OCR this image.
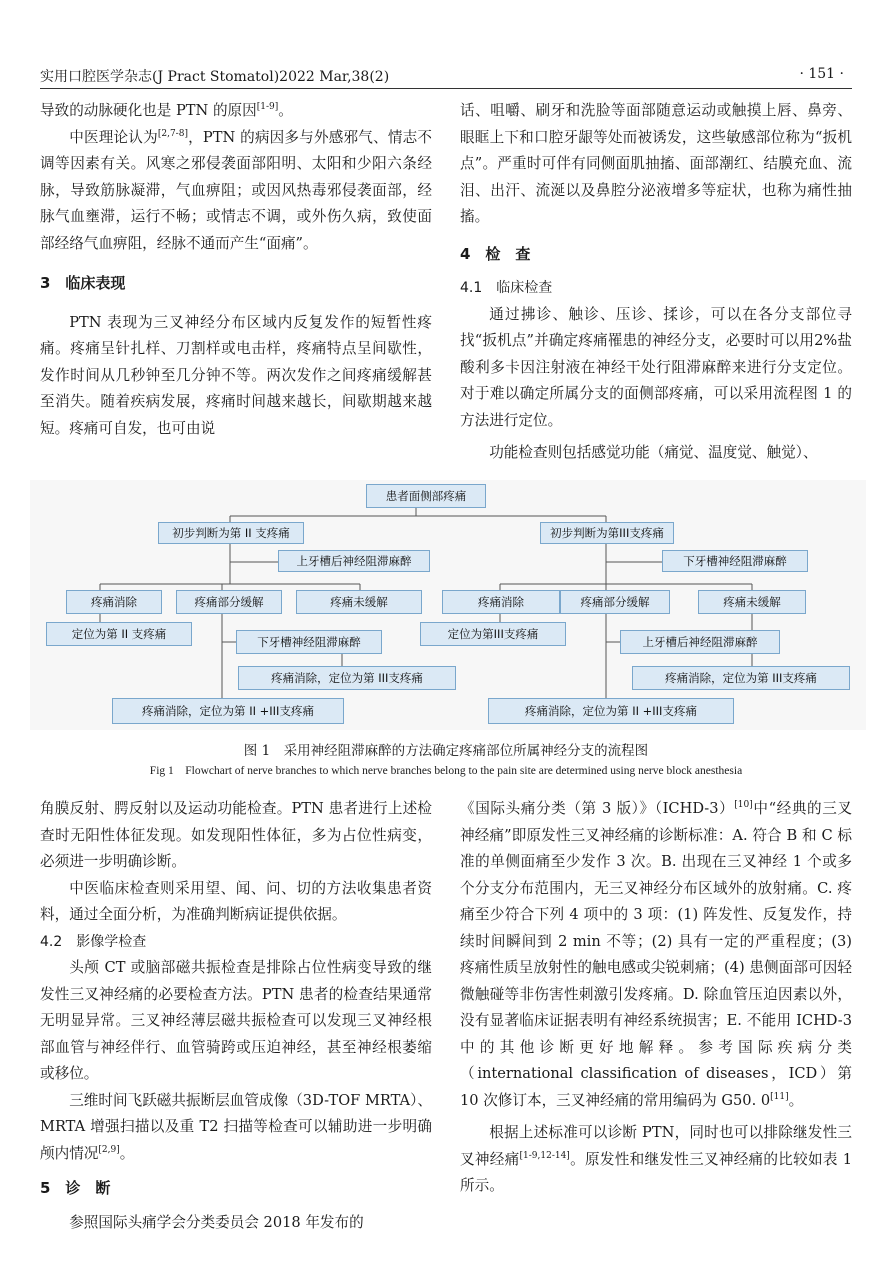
实用口腔医学杂志(J Pract Stomatol)2022 Mar,38(2)	· 151 ·

导致的动脉硬化也是 PTN 的原因[1-9]。

中医理论认为[2,7-8]，PTN 的病因多与外感邪气、情志不调等因素有关。风寒之邪侵袭面部阳明、太阳和少阳六条经脉，导致筋脉凝滞，气血痹阻；或因风热毒邪侵袭面部，经脉气血壅滞，运行不畅；或情志不调，或外伤久病，致使面部经络气血痹阻，经脉不通而产生“面痛”。

3　临床表现

PTN 表现为三叉神经分布区域内反复发作的短暂性疼痛。疼痛呈针扎样、刀割样或电击样，疼痛特点呈间歇性，发作时间从几秒钟至几分钟不等。两次发作之间疼痛缓解甚至消失。随着疾病发展，疼痛时间越来越长，间歇期越来越短。疼痛可自发，也可由说

话、咀嚼、刷牙和洗脸等面部随意运动或触摸上唇、鼻旁、眼眶上下和口腔牙龈等处而被诱发，这些敏感部位称为“扳机点”。严重时可伴有同侧面肌抽搐、面部潮红、结膜充血、流泪、出汗、流涎以及鼻腔分泌液增多等症状，也称为痛性抽搐。

4　检　查

4.1　临床检查

通过拂诊、触诊、压诊、揉诊，可以在各分支部位寻找“扳机点”并确定疼痛罹患的神经分支，必要时可以用2%盐酸利多卡因注射液在神经干处行阻滞麻醉来进行分支定位。对于难以确定所属分支的面侧部疼痛，可以采用流程图 1 的方法进行定位。

功能检查则包括感觉功能（痛觉、温度觉、触觉）、

患者面侧部疼痛
初步判断为第 II 支疼痛
上牙槽后神经阻滞麻醉
疼痛消除	疼痛部分缓解	疼痛未缓解
定位为第 II 支疼痛
下牙槽神经阻滞麻醉
疼痛消除，定位为第 III支疼痛
疼痛消除，定位为第 II +III支疼痛
初步判断为第III支疼痛
下牙槽神经阻滞麻醉
疼痛消除	疼痛部分缓解	疼痛未缓解
定位为第III支疼痛
上牙槽后神经阻滞麻醉
疼痛消除，定位为第 III支疼痛
疼痛消除，定位为第 II +III支疼痛
图 1　采用神经阻滞麻醉的方法确定疼痛部位所属神经分支的流程图
Fig 1　Flowchart of nerve branches to which nerve branches belong to the pain site are determined using nerve block anesthesia

角膜反射、腭反射以及运动功能检查。PTN 患者进行上述检查时无阳性体征发现。如发现阳性体征，多为占位性病变，必须进一步明确诊断。

中医临床检查则采用望、闻、问、切的方法收集患者资料，通过全面分析，为准确判断病证提供依据。

4.2　影像学检查

头颅 CT 或脑部磁共振检查是排除占位性病变导致的继发性三叉神经痛的必要检查方法。PTN 患者的检查结果通常无明显异常。三叉神经薄层磁共振检查可以发现三叉神经根部血管与神经伴行、血管骑跨或压迫神经，甚至神经根萎缩或移位。

三维时间飞跃磁共振断层血管成像（3D-TOF MRTA）、MRTA 增强扫描以及重 T2 扫描等检查可以辅助进一步明确颅内情况[2,9]。

5　诊　断

参照国际头痛学会分类委员会 2018 年发布的

《国际头痛分类（第 3 版）》（ICHD-3）[10]中“经典的三叉神经痛”即原发性三叉神经痛的诊断标准：A. 符合 B 和 C 标准的单侧面痛至少发作 3 次。B. 出现在三叉神经 1 个或多个分支分布范围内，无三叉神经分布区域外的放射痛。C. 疼痛至少符合下列 4 项中的 3 项：(1) 阵发性、反复发作，持续时间瞬间到 2 min 不等；(2) 具有一定的严重程度；(3) 疼痛性质呈放射性的触电感或尖锐刺痛；(4) 患侧面部可因轻微触碰等非伤害性刺激引发疼痛。D. 除血管压迫因素以外，没有显著临床证据表明有神经系统损害；E. 不能用 ICHD-3 中的其他诊断更好地解释。参考国际疾病分类（international classification of diseases，ICD）第 10 次修订本，三叉神经痛的常用编码为 G50. 0[11]。

根据上述标准可以诊断 PTN，同时也可以排除继发性三叉神经痛[1-9,12-14]。原发性和继发性三叉神经痛的比较如表 1 所示。
